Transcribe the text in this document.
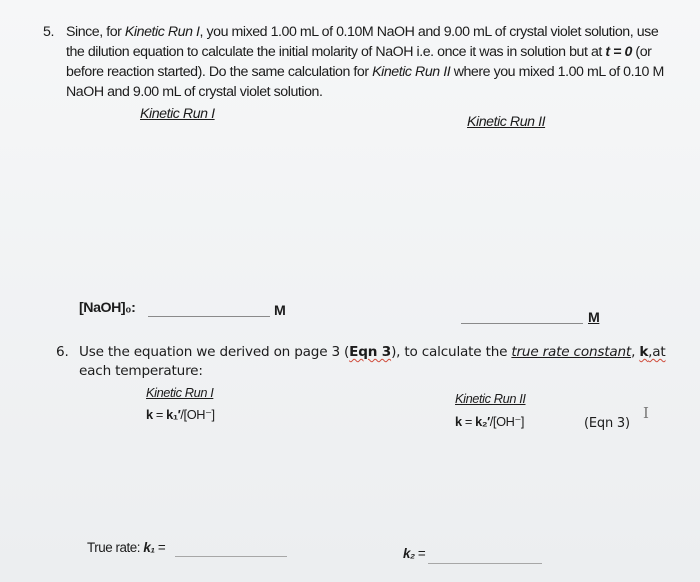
5. Since, for Kinetic Run I, you mixed 1.00 mL of 0.10M NaOH and 9.00 mL of crystal violet solution, use
the dilution equation to calculate the initial molarity of NaOH i.e. once it was in solution but at t = 0 (or
before reaction started). Do the same calculation for Kinetic Run II where you mixed 1.00 mL of 0.10 M
NaOH and 9.00 mL of crystal violet solution.
Kinetic Run I	Kinetic Run II
[NaOH]₀:	M	M
6. Use the equation we derived on page 3 (Eqn 3), to calculate the true rate constant, k,at
each temperature:
Kinetic Run I	Kinetic Run II
k = k₁′/[OH⁻]	k = k₂′/[OH⁻]	(Eqn 3)
I
True rate: k₁ =	k₂ =
